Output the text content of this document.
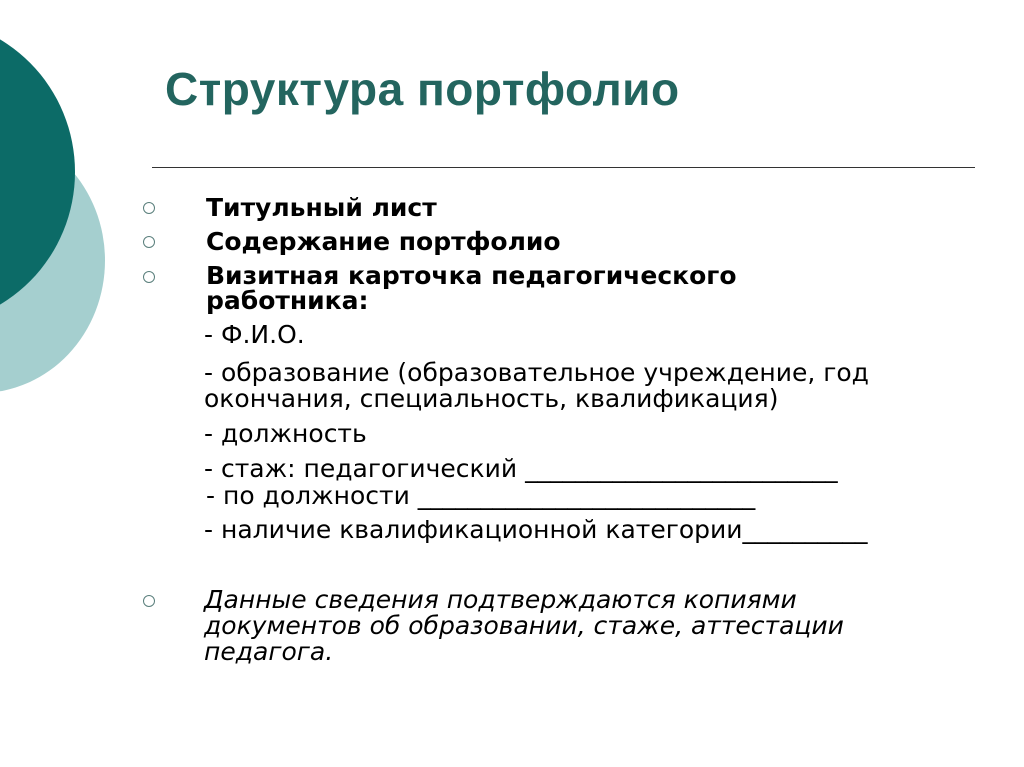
Структура портфолио

Титульный лист

Содержание портфолио

Визитная карточка педагогического

работника:

- Ф.И.О.

- образование (образовательное учреждение, год

окончания, специальность, квалификация)

- должность

- стаж: педагогический _________________________

- по должности ___________________________

- наличие квалификационной категории__________

Данные сведения подтверждаются копиями

документов об образовании, стаже, аттестации

педагога.
